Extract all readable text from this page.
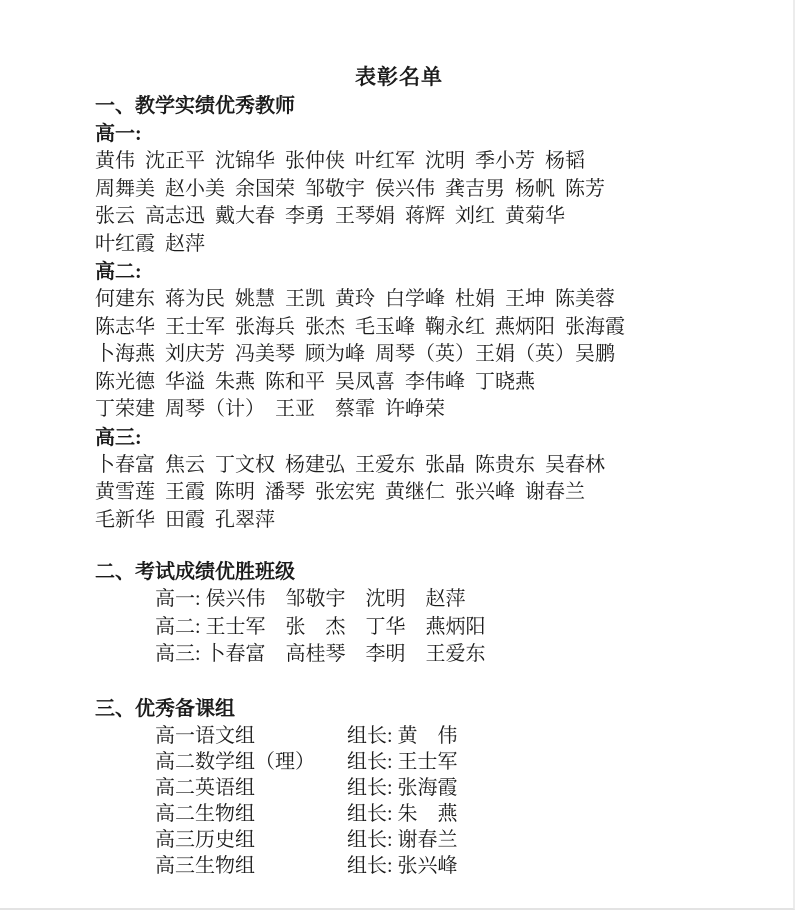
表彰名单
一、教学实绩优秀教师
高一:
黄伟 沈正平 沈锦华 张仲侠 叶红军 沈明 季小芳 杨韬
周舞美 赵小美 余国荣 邹敬宇 侯兴伟 龚吉男 杨帆 陈芳
张云 高志迅 戴大春 李勇 王琴娟 蒋辉 刘红 黄菊华
叶红霞 赵萍
高二:
何建东 蒋为民 姚慧 王凯 黄玲 白学峰 杜娟 王坤 陈美蓉
陈志华 王士军 张海兵 张杰 毛玉峰 鞠永红 燕炳阳 张海霞
卜海燕 刘庆芳 冯美琴 顾为峰 周琴（英）王娟（英）吴鹏
陈光德 华溢 朱燕 陈和平 吴凤喜 李伟峰 丁晓燕
丁荣建 周琴（计） 王亚　蔡霏 许峥荣
高三:
卜春富 焦云 丁文权 杨建弘 王爱东 张晶 陈贵东 吴春林
黄雪莲 王霞 陈明 潘琴 张宏宪 黄继仁 张兴峰 谢春兰
毛新华 田霞 孔翠萍
二、考试成绩优胜班级
高一: 侯兴伟　邹敬宇　沈明　赵萍
高二: 王士军　张　杰　丁华　燕炳阳
高三: 卜春富　高桂琴　李明　王爱东
三、优秀备课组
高一语文组	组长: 黄　伟
高二数学组（理）	组长: 王士军
高二英语组	组长: 张海霞
高二生物组	组长: 朱　燕
高三历史组	组长: 谢春兰
高三生物组	组长: 张兴峰
